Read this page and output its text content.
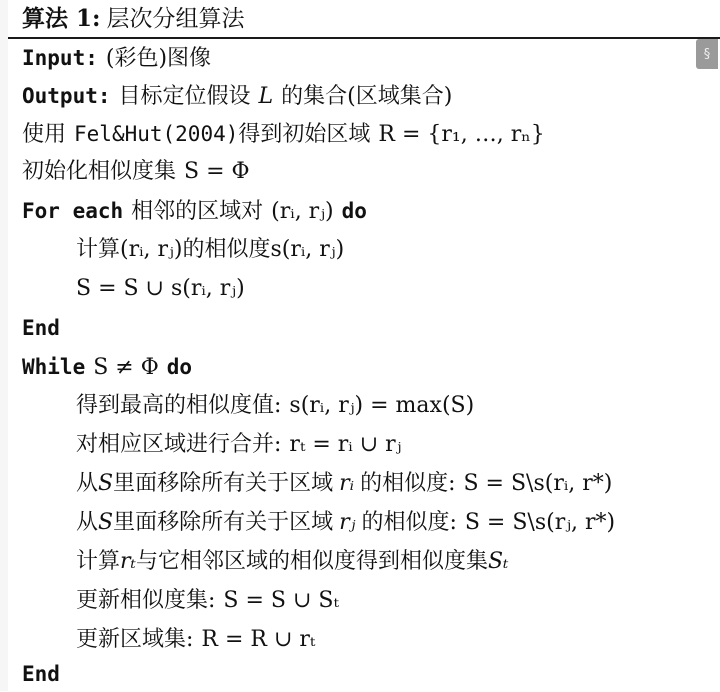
算法 1: 层次分组算法
§
Input: (彩色)图像
Output: 目标定位假设 L 的集合(区域集合)
使用 Fel&Hut(2004) 得到初始区域 R = {r₁, …, rₙ}
初始化相似度集 S = Φ
For each 相邻的区域对 (rᵢ, rⱼ) do
计算 (rᵢ, rⱼ) 的相似度 s(rᵢ, rⱼ)
S = S ∪ s(rᵢ, rⱼ)
End
While S ≠ Φ do
得到最高的相似度值: s(rᵢ, rⱼ) = max(S)
对相应区域进行合并: rₜ = rᵢ ∪ rⱼ
从 S 里面移除所有关于区域 rᵢ 的相似度: S = S\s(rᵢ, r*)
从 S 里面移除所有关于区域 rⱼ 的相似度: S = S\s(rⱼ, r*)
计算 rₜ 与它相邻区域的相似度得到相似度集 Sₜ
更新相似度集: S = S ∪ Sₜ
更新区域集: R = R ∪ rₜ
End
